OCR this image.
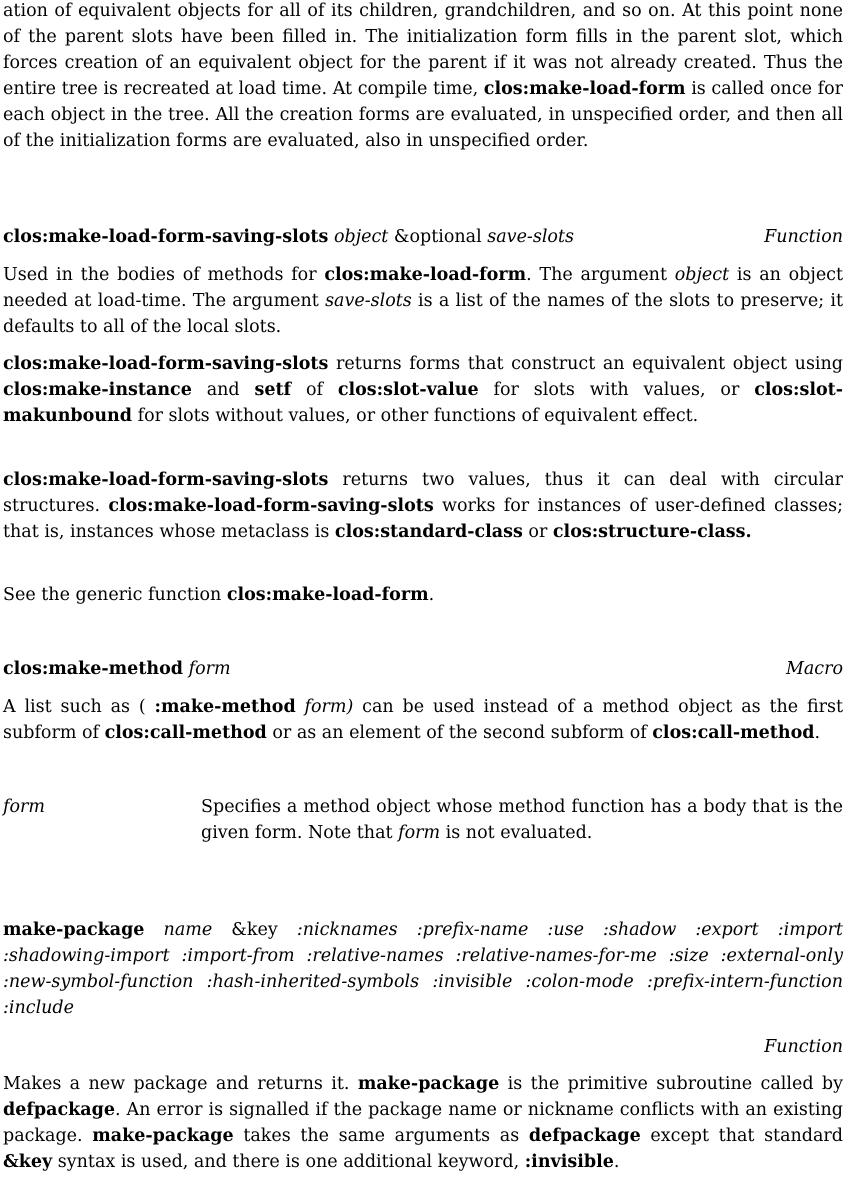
ation of equivalent objects for all of its children, grandchildren, and so on. At this point none of the parent slots have been filled in. The initialization form fills in the parent slot, which forces creation of an equivalent object for the parent if it was not already created. Thus the entire tree is recreated at load time. At compile time, clos:make-load-form is called once for each object in the tree. All the creation forms are evaluated, in unspecified order, and then all of the initialization forms are evaluated, also in unspecified order.

clos:make-load-form-saving-slots object &optional save-slots	Function

Used in the bodies of methods for clos:make-load-form. The argument object is an object needed at load-time. The argument save-slots is a list of the names of the slots to preserve; it defaults to all of the local slots.

clos:make-load-form-saving-slots returns forms that construct an equivalent object using clos:make-instance and setf of clos:slot-value for slots with values, or clos:slot-makunbound for slots without values, or other functions of equivalent effect.

clos:make-load-form-saving-slots returns two values, thus it can deal with circular structures. clos:make-load-form-saving-slots works for instances of user-defined classes; that is, instances whose metaclass is clos:standard-class or clos:structure-class.

See the generic function clos:make-load-form.

clos:make-method form	Macro

A list such as ( :make-method form) can be used instead of a method object as the first subform of clos:call-method or as an element of the second subform of clos:call-method.

form	Specifies a method object whose method function has a body that is the given form. Note that form is not evaluated.

make-package name &key :nicknames :prefix-name :use :shadow :export :import :shadowing-import :import-from :relative-names :relative-names-for-me :size :external-only :new-symbol-function :hash-inherited-symbols :invisible :colon-mode :prefix-intern-function :include

Function

Makes a new package and returns it. make-package is the primitive subroutine called by defpackage. An error is signalled if the package name or nickname conflicts with an existing package. make-package takes the same arguments as defpackage except that standard &key syntax is used, and there is one additional keyword, :invisible.
